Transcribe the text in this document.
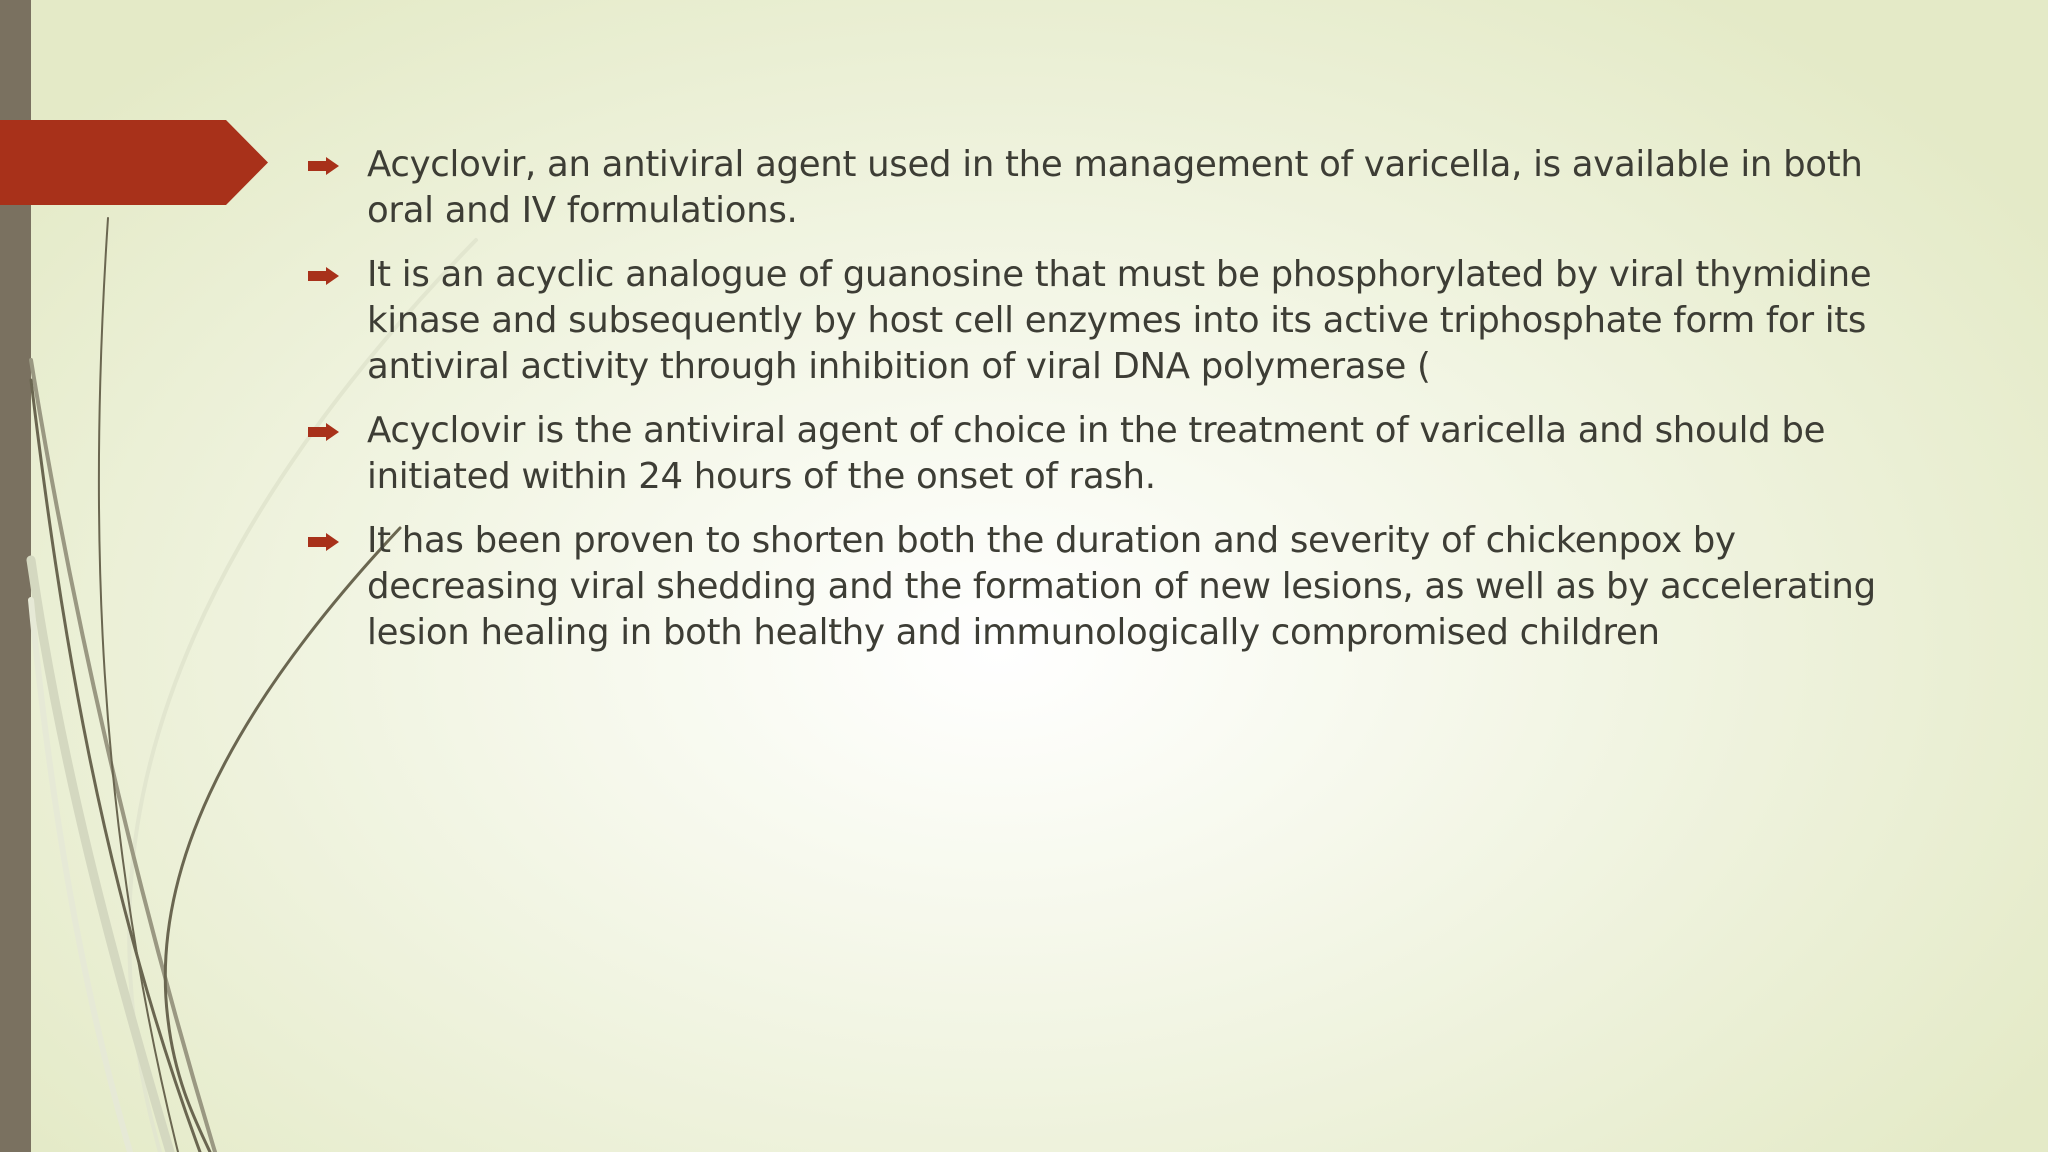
Acyclovir, an antiviral agent used in the management of varicella, is available in both oral and IV formulations.
It is an acyclic analogue of guanosine that must be phosphorylated by viral thymidine kinase and subsequently by host cell enzymes into its active triphosphate form for its antiviral activity through inhibition of viral DNA polymerase (
Acyclovir is the antiviral agent of choice in the treatment of varicella and should be initiated within 24 hours of the onset of rash.
It has been proven to shorten both the duration and severity of chickenpox by decreasing viral shedding and the formation of new lesions, as well as by accelerating lesion healing in both healthy and immunologically compromised children
